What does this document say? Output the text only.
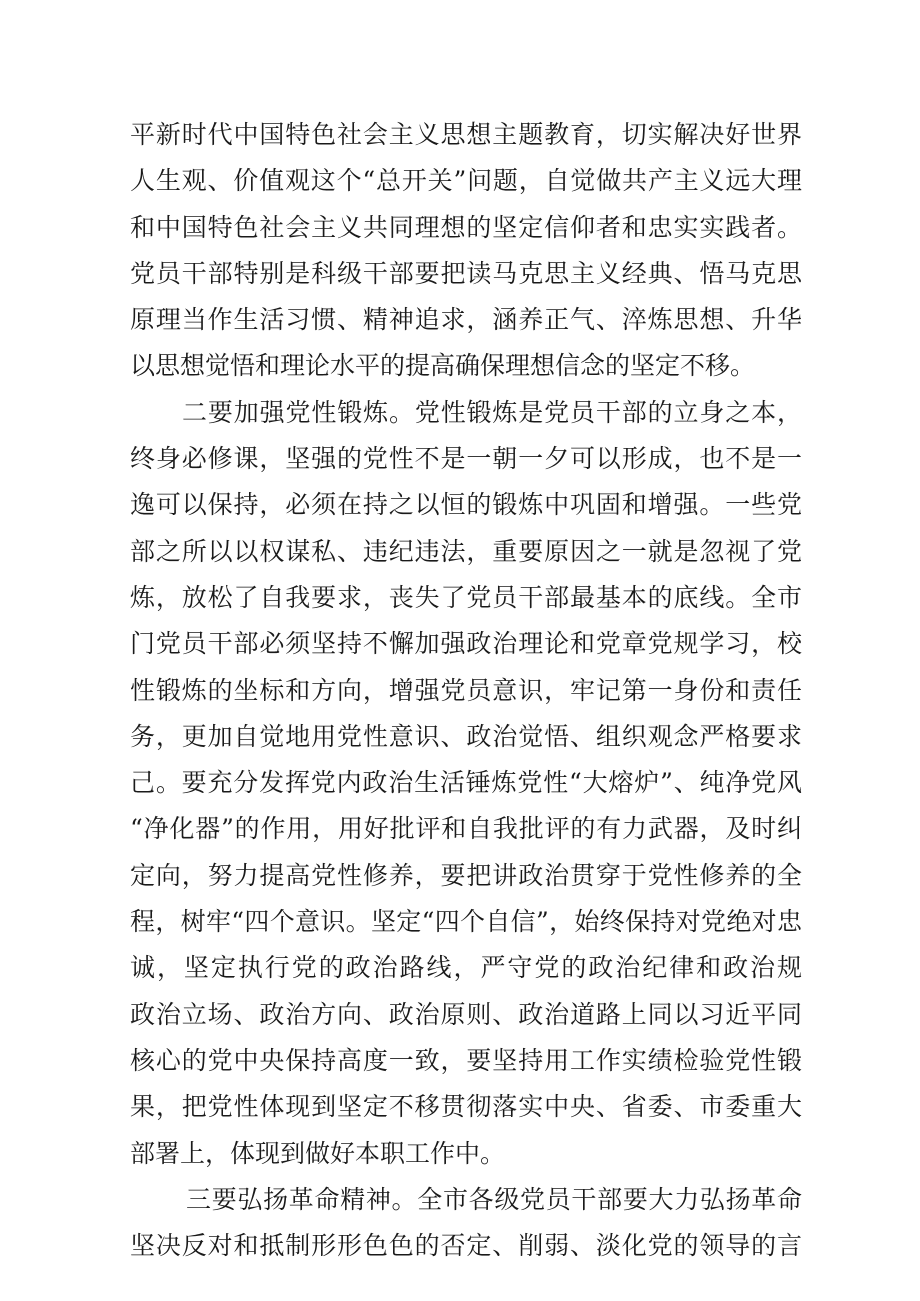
平新时代中国特色社会主义思想主题教育，切实解决好世界
人生观、价值观这个“总开关”问题，自觉做共产主义远大理
和中国特色社会主义共同理想的坚定信仰者和忠实实践者。
党员干部特别是科级干部要把读马克思主义经典、悟马克思
原理当作生活习惯、精神追求，涵养正气、淬炼思想、升华
以思想觉悟和理论水平的提高确保理想信念的坚定不移。
二要加强党性锻炼。党性锻炼是党员干部的立身之本，
终身必修课，坚强的党性不是一朝一夕可以形成，也不是一
逸可以保持，必须在持之以恒的锻炼中巩固和增强。一些党
部之所以以权谋私、违纪违法，重要原因之一就是忽视了党
炼，放松了自我要求，丧失了党员干部最基本的底线。全市
门党员干部必须坚持不懈加强政治理论和党章党规学习，校
性锻炼的坐标和方向，增强党员意识，牢记第一身份和责任
务，更加自觉地用党性意识、政治觉悟、组织观念严格要求
己。要充分发挥党内政治生活锤炼党性“大熔炉”、纯净党风
“净化器”的作用，用好批评和自我批评的有力武器，及时纠
定向，努力提高党性修养，要把讲政治贯穿于党性修养的全
程，树牢“四个意识。坚定“四个自信”，始终保持对党绝对忠
诚，坚定执行党的政治路线，严守党的政治纪律和政治规
政治立场、政治方向、政治原则、政治道路上同以习近平同
核心的党中央保持高度一致，要坚持用工作实绩检验党性锻
果，把党性体现到坚定不移贯彻落实中央、省委、市委重大
部署上，体现到做好本职工作中。
三要弘扬革命精神。全市各级党员干部要大力弘扬革命
坚决反对和抵制形形色色的否定、削弱、淡化党的领导的言
